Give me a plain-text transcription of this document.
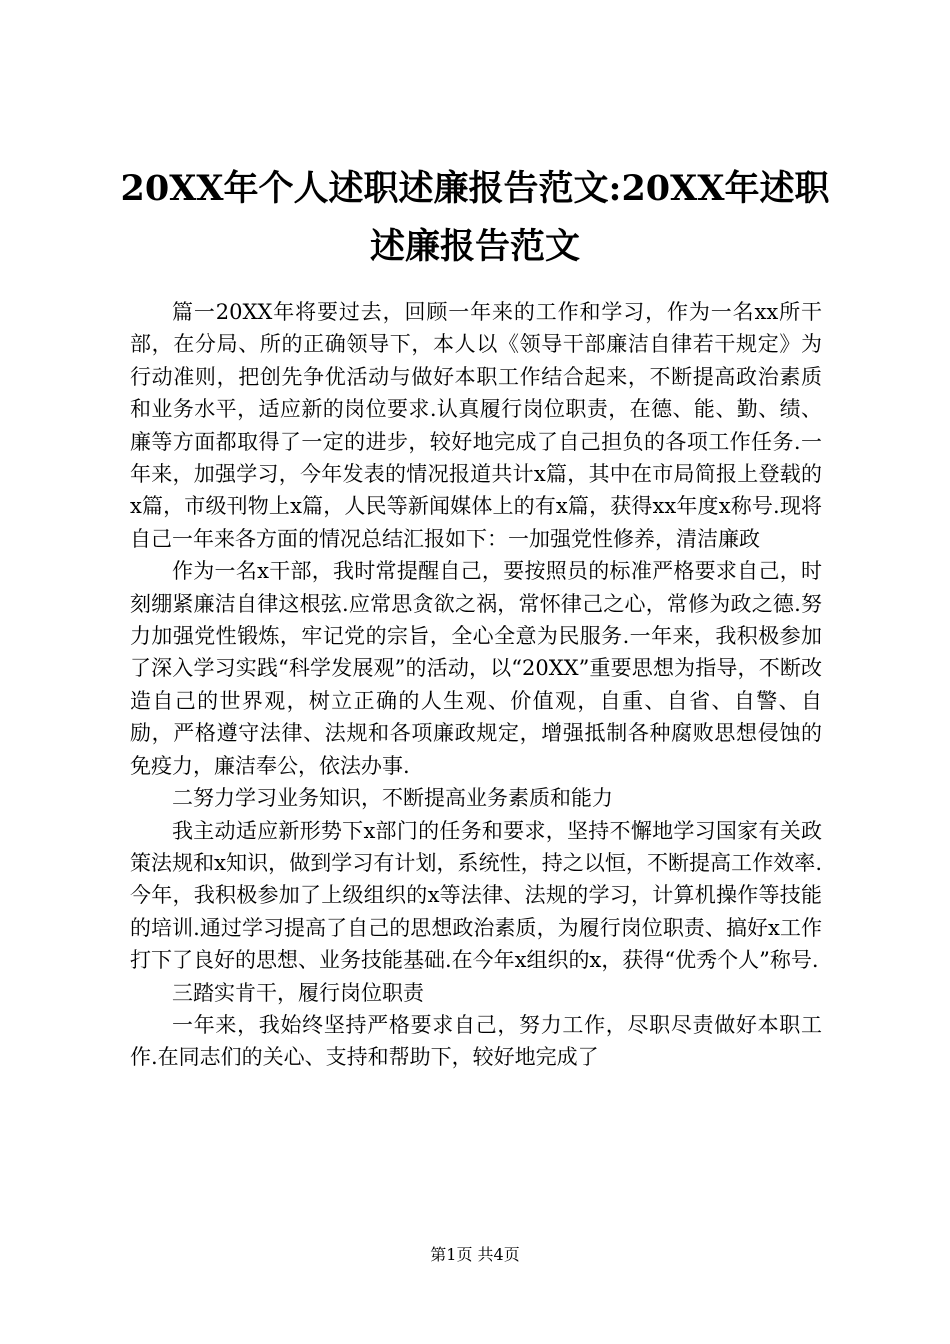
20XX年个人述职述廉报告范文:20XX年述职述廉报告范文

篇一20XX年将要过去，回顾一年来的工作和学习，作为一名xx所干部，在分局、所的正确领导下，本人以《领导干部廉洁自律若干规定》为行动准则，把创先争优活动与做好本职工作结合起来，不断提高政治素质和业务水平，适应新的岗位要求.认真履行岗位职责，在德、能、勤、绩、廉等方面都取得了一定的进步，较好地完成了自己担负的各项工作任务.一年来，加强学习，今年发表的情况报道共计x篇，其中在市局简报上登载的x篇，市级刊物上x篇，人民等新闻媒体上的有x篇，获得xx年度x称号.现将自己一年来各方面的情况总结汇报如下：一加强党性修养，清洁廉政

作为一名x干部，我时常提醒自己，要按照员的标准严格要求自己，时刻绷紧廉洁自律这根弦.应常思贪欲之祸，常怀律己之心，常修为政之德.努力加强党性锻炼，牢记党的宗旨，全心全意为民服务.一年来，我积极参加了深入学习实践“科学发展观”的活动，以“20XX”重要思想为指导，不断改造自己的世界观，树立正确的人生观、价值观，自重、自省、自警、自励，严格遵守法律、法规和各项廉政规定，增强抵制各种腐败思想侵蚀的免疫力，廉洁奉公，依法办事.

二努力学习业务知识，不断提高业务素质和能力

我主动适应新形势下x部门的任务和要求，坚持不懈地学习国家有关政策法规和x知识，做到学习有计划，系统性，持之以恒，不断提高工作效率.今年，我积极参加了上级组织的x等法律、法规的学习，计算机操作等技能的培训.通过学习提高了自己的思想政治素质，为履行岗位职责、搞好x工作打下了良好的思想、业务技能基础.在今年x组织的x，获得“优秀个人”称号.

三踏实肯干，履行岗位职责

一年来，我始终坚持严格要求自己，努力工作，尽职尽责做好本职工作.在同志们的关心、支持和帮助下，较好地完成了

第1页 共4页
